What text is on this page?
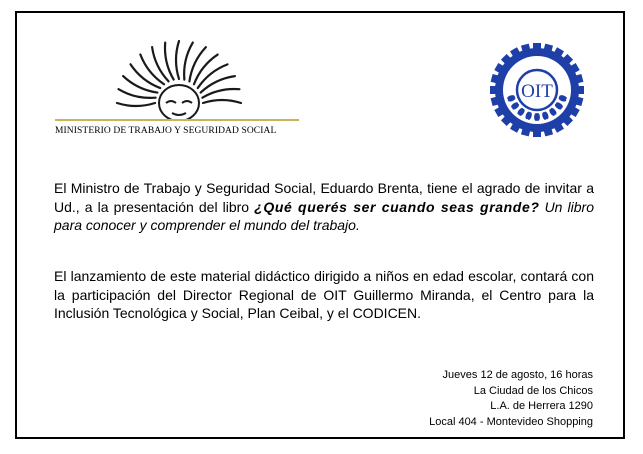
MINISTERIO DE TRABAJO Y SEGURIDAD SOCIAL
OIT
El Ministro de Trabajo y Seguridad Social, Eduardo Brenta, tiene el agrado de invitar a Ud., a la presentación del libro ¿Qué querés ser cuando seas grande? Un libro para conocer y comprender el mundo del trabajo.
El lanzamiento de este material didáctico dirigido a niños en edad escolar, contará con la participación del Director Regional de OIT Guillermo Miranda, el Centro para la Inclusión Tecnológica y Social, Plan Ceibal, y el CODICEN.
Jueves 12 de agosto, 16 horas
La Ciudad de los Chicos
L.A. de Herrera 1290
Local 404 - Montevideo Shopping
